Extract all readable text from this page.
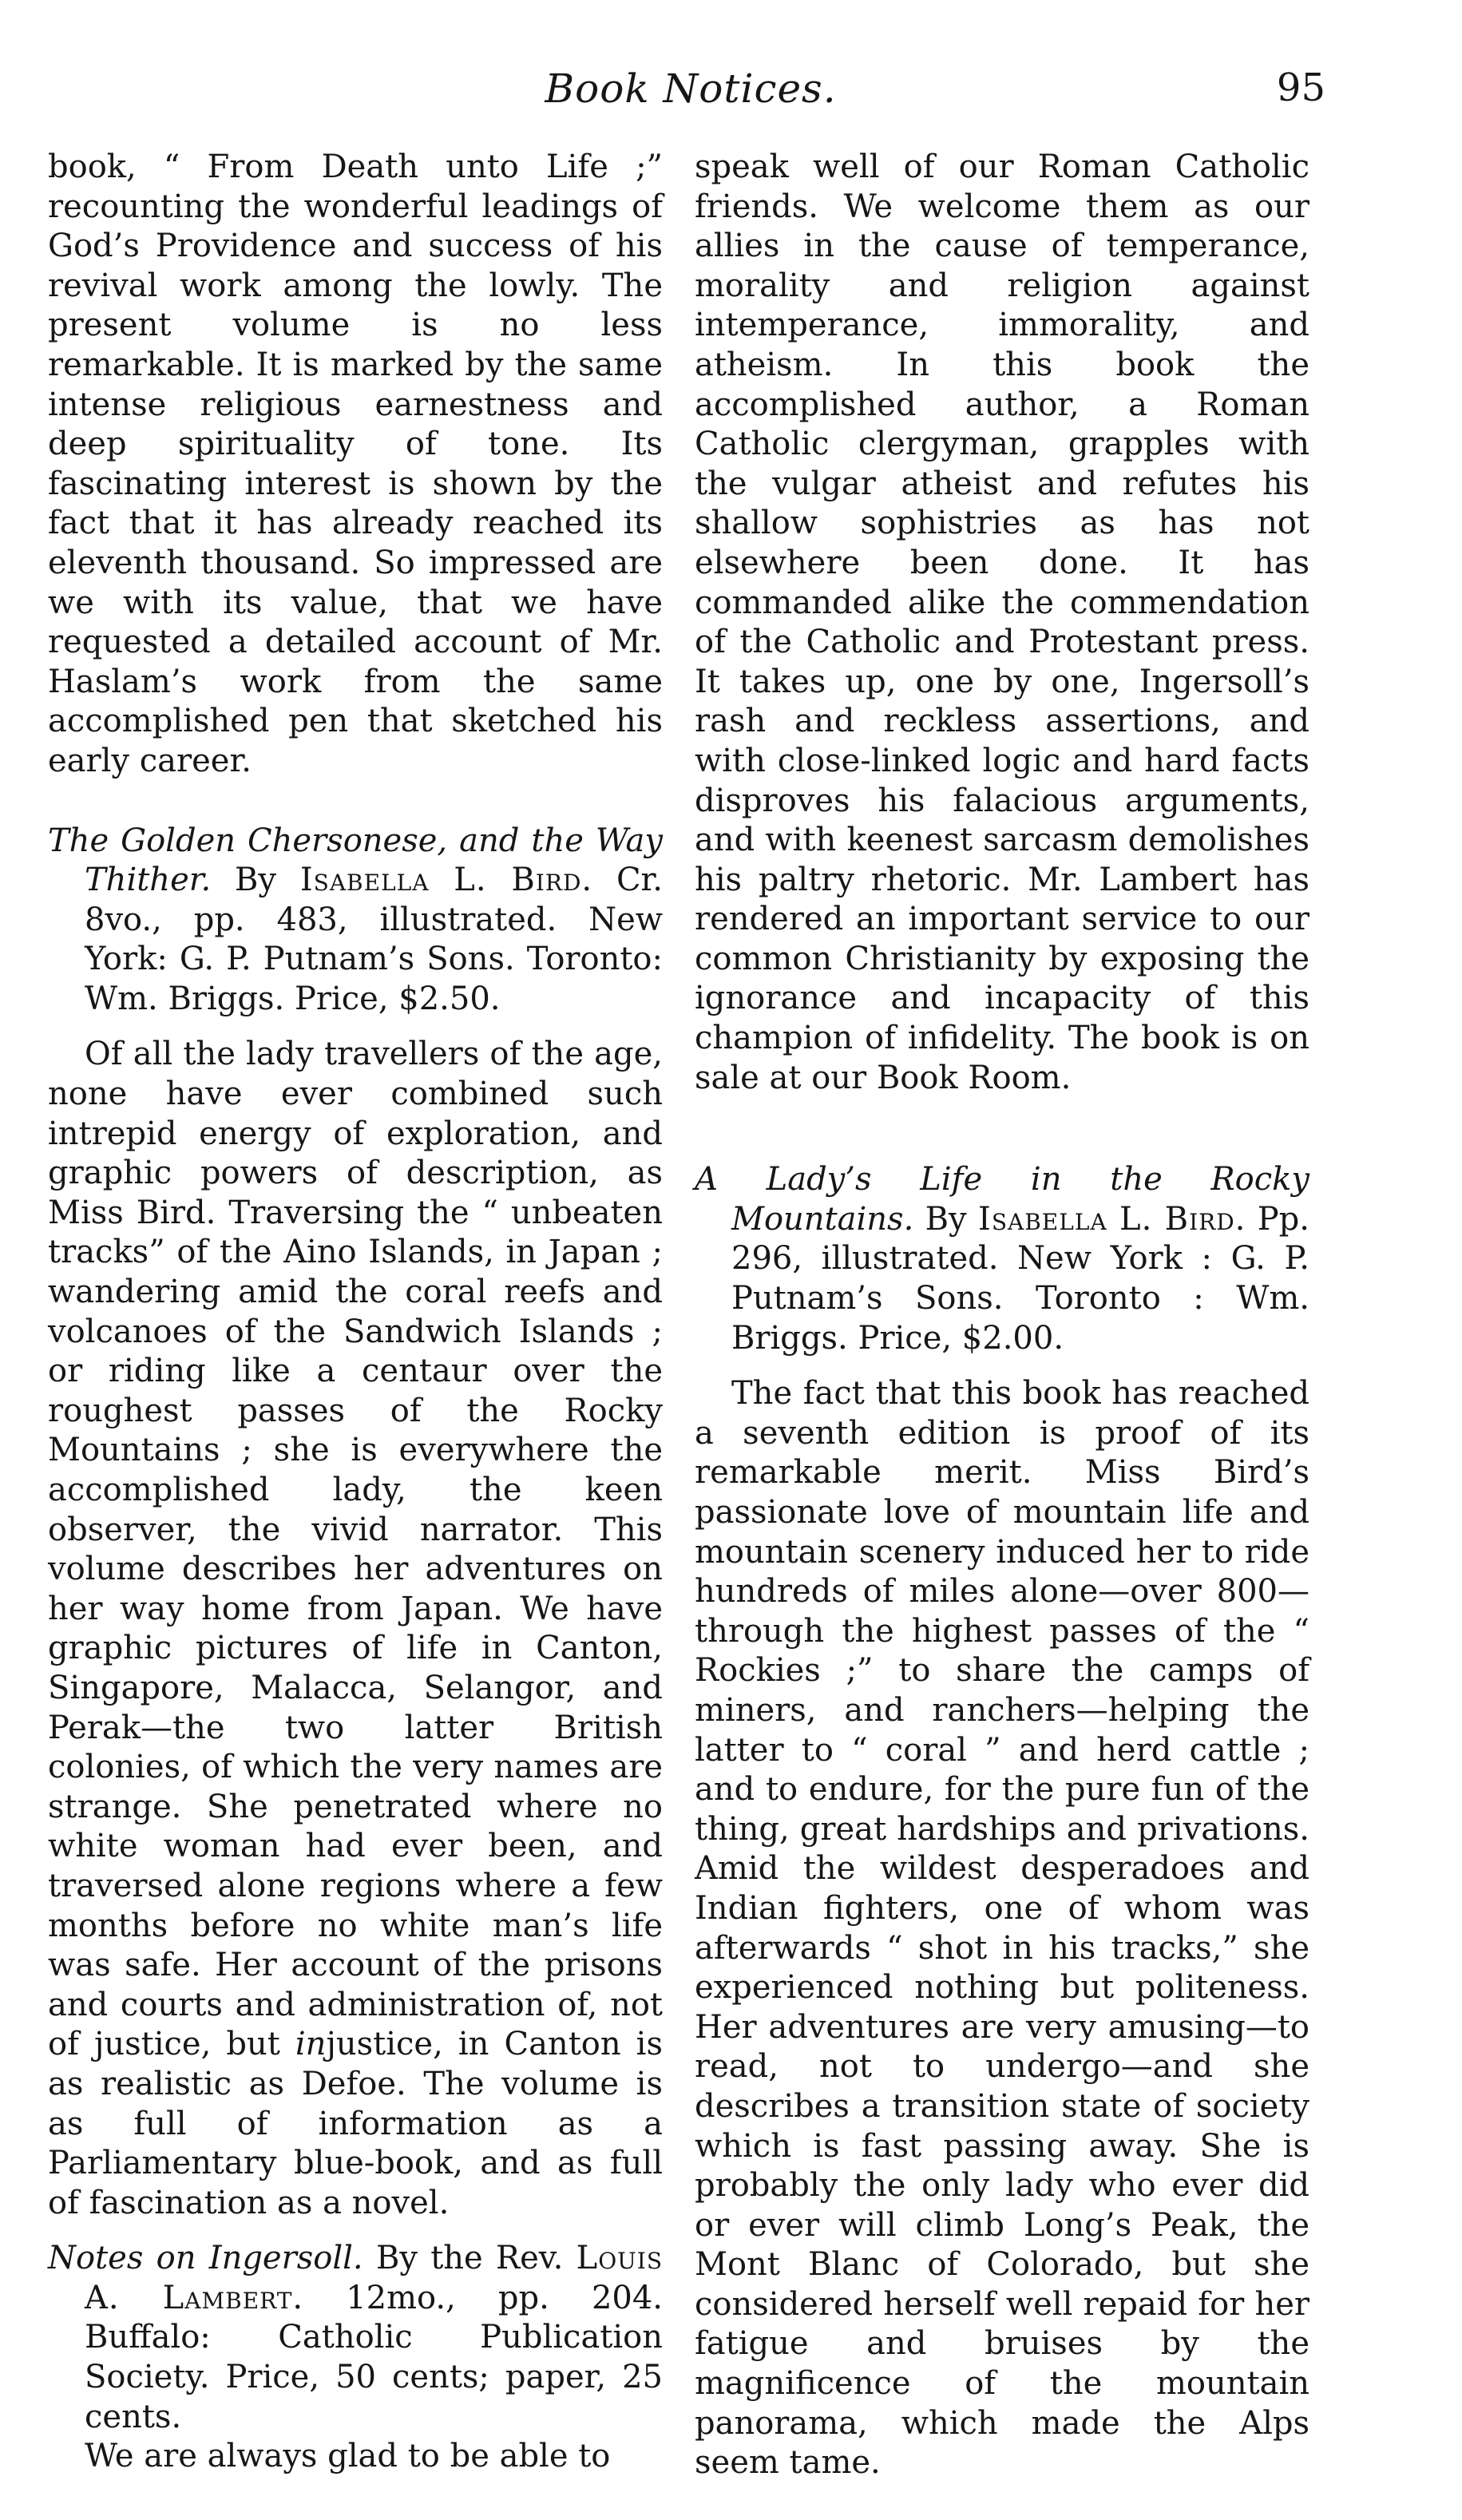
Book Notices.	95

book, “ From Death unto Life ;” recounting the wonderful leadings of God’s Providence and success of his revival work among the lowly. The present volume is no less remarkable. It is marked by the same intense religious earnestness and deep spirituality of tone. Its fascinating interest is shown by the fact that it has already reached its eleventh thousand. So impressed are we with its value, that we have requested a detailed account of Mr. Haslam’s work from the same accomplished pen that sketched his early career.

The Golden Chersonese, and the Way Thither. By Isabella L. Bird. Cr. 8vo., pp. 483, illustrated. New York: G. P. Putnam’s Sons. Toronto: Wm. Briggs. Price, $2.50.

Of all the lady travellers of the age, none have ever combined such intrepid energy of exploration, and graphic powers of description, as Miss Bird. Traversing the “ unbeaten tracks” of the Aino Islands, in Japan ; wandering amid the coral reefs and volcanoes of the Sandwich Islands ; or riding like a centaur over the roughest passes of the Rocky Mountains ; she is everywhere the accomplished lady, the keen observer, the vivid narrator. This volume describes her adventures on her way home from Japan. We have graphic pictures of life in Canton, Singapore, Malacca, Selangor, and Perak—the two latter British colonies, of which the very names are strange. She penetrated where no white woman had ever been, and traversed alone regions where a few months before no white man’s life was safe. Her account of the prisons and courts and administration of, not of justice, but injustice, in Canton is as realistic as Defoe. The volume is as full of information as a Parliamentary blue-book, and as full of fascination as a novel.

Notes on Ingersoll. By the Rev. Louis A. Lambert. 12mo., pp. 204. Buffalo: Catholic Publication Society. Price, 50 cents; paper, 25 cents.

We are always glad to be able to

speak well of our Roman Catholic friends. We welcome them as our allies in the cause of temperance, morality and religion against intemperance, immorality, and atheism. In this book the accomplished author, a Roman Catholic clergyman, grapples with the vulgar atheist and refutes his shallow sophistries as has not elsewhere been done. It has commanded alike the commendation of the Catholic and Protestant press. It takes up, one by one, Ingersoll’s rash and reckless assertions, and with close-linked logic and hard facts disproves his falacious arguments, and with keenest sarcasm demolishes his paltry rhetoric. Mr. Lambert has rendered an important service to our common Christianity by exposing the ignorance and incapacity of this champion of infidelity. The book is on sale at our Book Room.

A Lady’s Life in the Rocky Mountains. By Isabella L. Bird. Pp. 296, illustrated. New York : G. P. Putnam’s Sons. Toronto : Wm. Briggs. Price, $2.00.

The fact that this book has reached a seventh edition is proof of its remarkable merit. Miss Bird’s passionate love of mountain life and mountain scenery induced her to ride hundreds of miles alone—over 800—through the highest passes of the “ Rockies ;” to share the camps of miners, and ranchers—helping the latter to “ coral ” and herd cattle ; and to endure, for the pure fun of the thing, great hardships and privations. Amid the wildest desperadoes and Indian fighters, one of whom was afterwards “ shot in his tracks,” she experienced nothing but politeness. Her adventures are very amusing—to read, not to undergo—and she describes a transition state of society which is fast passing away. She is probably the only lady who ever did or ever will climb Long’s Peak, the Mont Blanc of Colorado, but she considered herself well repaid for her fatigue and bruises by the magnificence of the mountain panorama, which made the Alps seem tame.
